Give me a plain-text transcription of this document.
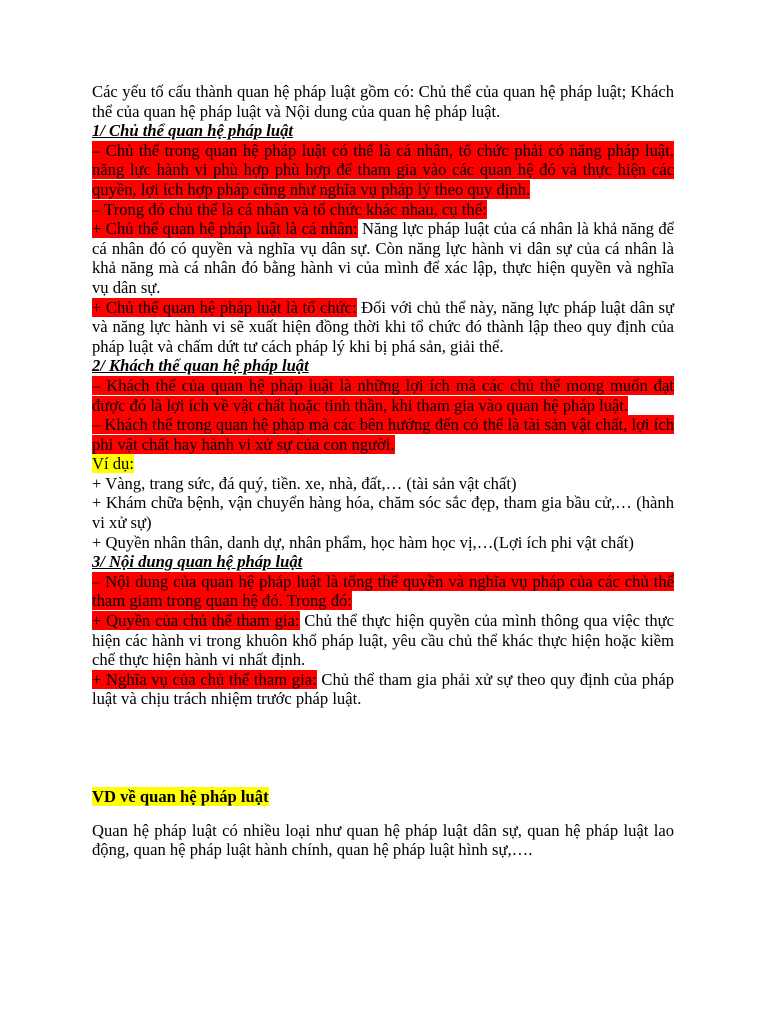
Các yếu tố cấu thành quan hệ pháp luật gồm có: Chủ thể của quan hệ pháp luật; Khách thể của quan hệ pháp luật và Nội dung của quan hệ pháp luật.

1/ Chủ thể quan hệ pháp luật

– Chủ thể trong quan hệ pháp luật có thể là cá nhân, tổ chức phải có năng pháp luật, năng lực hành vi phù hợp phù hợp để tham gia vào các quan hệ đó và thực hiện các quyền, lợi ích hợp pháp cũng như nghĩa vụ pháp lý theo quy định.

– Trong đó chủ thể là cá nhân và tổ chức khác nhau, cụ thể:

+ Chủ thể quan hệ pháp luật là cá nhân: Năng lực pháp luật của cá nhân là khả năng để cá nhân đó có quyền và nghĩa vụ dân sự. Còn năng lực hành vi dân sự của cá nhân là khả năng mà cá nhân đó bằng hành vi của mình để xác lập, thực hiện quyền và nghĩa vụ dân sự.

+ Chủ thể quan hệ pháp luật là tổ chức: Đối với chủ thể này, năng lực pháp luật dân sự và năng lực hành vi sẽ xuất hiện đồng thời khi tổ chức đó thành lập theo quy định của pháp luật và chấm dứt tư cách pháp lý khi bị phá sản, giải thể.

2/ Khách thể quan hệ pháp luật

– Khách thể của quan hệ pháp luật là những lợi ích mà các chủ thể mong muốn đạt được đó là lợi ích về vật chất hoặc tinh thần, khi tham gia vào quan hệ pháp luật.

– Khách thể trong quan hệ pháp mà các bên hướng đến có thể là tài sản vật chất, lợi ích phi vật chất hay hành vi xử sự của con người.

Ví dụ:

+ Vàng, trang sức, đá quý, tiền. xe, nhà, đất,… (tài sản vật chất)

+ Khám chữa bệnh, vận chuyển hàng hóa, chăm sóc sắc đẹp, tham gia bầu cử,… (hành vi xử sự)

+ Quyền nhân thân, danh dự, nhân phẩm, học hàm học vị,…(Lợi ích phi vật chất)

3/ Nội dung quan hệ pháp luật

– Nội dung của quan hệ pháp luật là tổng thể quyền và nghĩa vụ pháp của các chủ thể tham giam trong quan hệ đó. Trong đó:

+ Quyền của chủ thể tham gia: Chủ thể thực hiện quyền của mình thông qua việc thực hiện các hành vi trong khuôn khổ pháp luật, yêu cầu chủ thể khác thực hiện hoặc kiềm chế thực hiện hành vi nhất định.

+ Nghĩa vụ của chủ thể tham gia: Chủ thể tham gia phải xử sự theo quy định của pháp luật và chịu trách nhiệm trước pháp luật.

VD về quan hệ pháp luật

Quan hệ pháp luật có nhiều loại như quan hệ pháp luật dân sự, quan hệ pháp luật lao động, quan hệ pháp luật hành chính, quan hệ pháp luật hình sự,….
